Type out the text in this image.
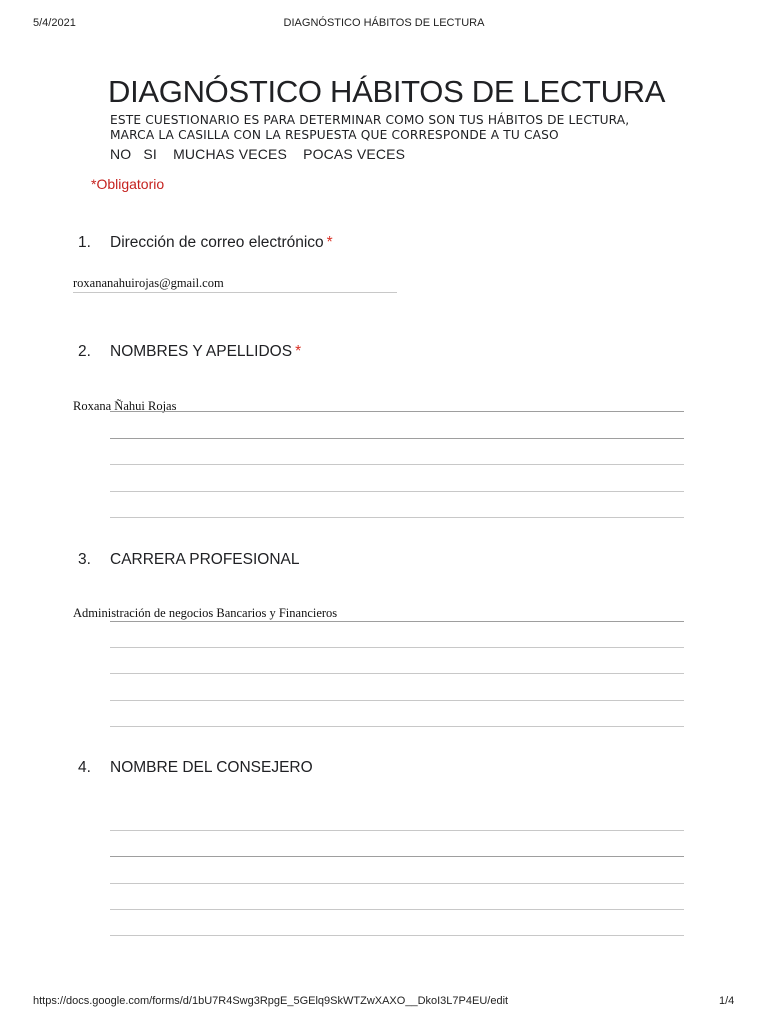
5/4/2021	DIAGNÓSTICO HÁBITOS DE LECTURA
DIAGNÓSTICO HÁBITOS DE LECTURA
ESTE CUESTIONARIO ES PARA DETERMINAR COMO SON TUS HÁBITOS DE LECTURA,
MARCA LA CASILLA CON LA RESPUESTA QUE CORRESPONDE A TU CASO
NO   SI    MUCHAS VECES    POCAS VECES
*Obligatorio
1. Dirección de correo electrónico *
roxananahuirojas@gmail.com
2. NOMBRES Y APELLIDOS *
Roxana Ñahui Rojas
3. CARRERA PROFESIONAL
Administración de negocios Bancarios y Financieros
4. NOMBRE DEL CONSEJERO
https://docs.google.com/forms/d/1bU7R4Swg3RpgE_5GElq9SkWTZwXAXO__DkoI3L7P4EU/edit	1/4
